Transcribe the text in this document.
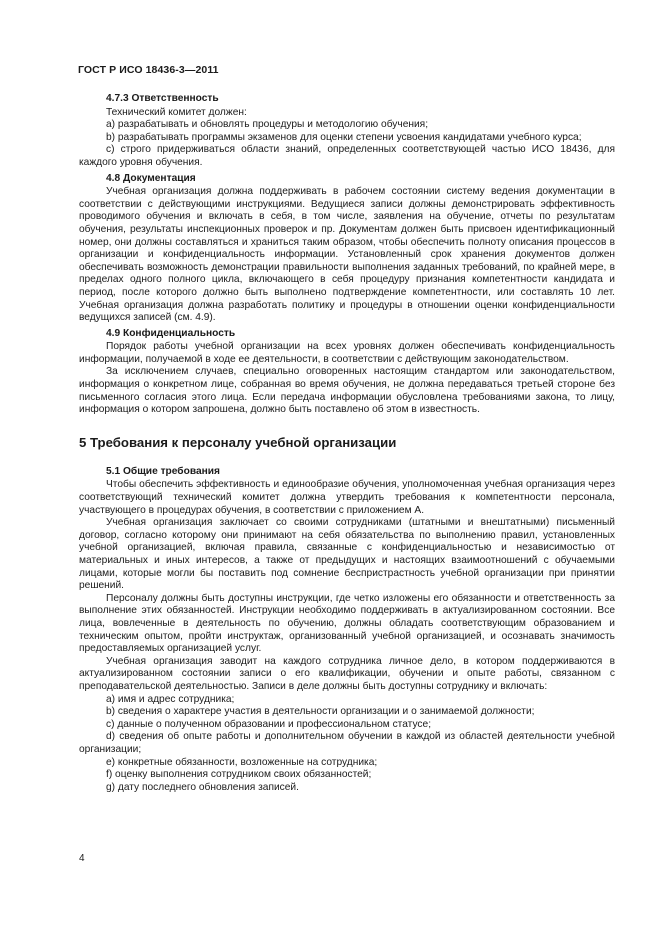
ГОСТ Р ИСО 18436-3—2011

4.7.3 Ответственность

Технический комитет должен:

a) разрабатывать и обновлять процедуры и методологию обучения;

b) разрабатывать программы экзаменов для оценки степени усвоения кандидатами учебного курса;

c) строго придерживаться области знаний, определенных соответствующей частью ИСО 18436, для каждого уровня обучения.

4.8 Документация

Учебная организация должна поддерживать в рабочем состоянии систему ведения документации в соответствии с действующими инструкциями. Ведущиеся записи должны демонстрировать эффективность проводимого обучения и включать в себя, в том числе, заявления на обучение, отчеты по результатам обучения, результаты инспекционных проверок и пр. Документам должен быть присвоен идентификационный номер, они должны составляться и храниться таким образом, чтобы обеспечить полноту описания процессов в организации и конфиденциальность информации. Установленный срок хранения документов должен обеспечивать возможность демонстрации правильности выполнения заданных требований, по крайней мере, в пределах одного полного цикла, включающего в себя процедуру признания компетентности кандидата и период, после которого должно быть выполнено подтверждение компетентности, или составлять 10 лет. Учебная организация должна разработать политику и процедуры в отношении оценки конфиденциальности ведущихся записей (см. 4.9).

4.9 Конфиденциальность

Порядок работы учебной организации на всех уровнях должен обеспечивать конфиденциальность информации, получаемой в ходе ее деятельности, в соответствии с действующим законодательством.

За исключением случаев, специально оговоренных настоящим стандартом или законодательством, информация о конкретном лице, собранная во время обучения, не должна передаваться третьей стороне без письменного согласия этого лица. Если передача информации обусловлена требованиями закона, то лицу, информация о котором запрошена, должно быть поставлено об этом в известность.

5 Требования к персоналу учебной организации

5.1 Общие требования

Чтобы обеспечить эффективность и единообразие обучения, уполномоченная учебная организация через соответствующий технический комитет должна утвердить требования к компетентности персонала, участвующего в процедурах обучения, в соответствии с приложением А.

Учебная организация заключает со своими сотрудниками (штатными и внештатными) письменный договор, согласно которому они принимают на себя обязательства по выполнению правил, установленных учебной организацией, включая правила, связанные с конфиденциальностью и независимостью от материальных и иных интересов, а также от предыдущих и настоящих взаимоотношений с обучаемыми лицами, которые могли бы поставить под сомнение беспристрастность учебной организации при принятии решений.

Персоналу должны быть доступны инструкции, где четко изложены его обязанности и ответственность за выполнение этих обязанностей. Инструкции необходимо поддерживать в актуализированном состоянии. Все лица, вовлеченные в деятельность по обучению, должны обладать соответствующим образованием и техническим опытом, пройти инструктаж, организованный учебной организацией, и осознавать значимость предоставляемых организацией услуг.

Учебная организация заводит на каждого сотрудника личное дело, в котором поддерживаются в актуализированном состоянии записи о его квалификации, обучении и опыте работы, связанном с преподавательской деятельностью. Записи в деле должны быть доступны сотруднику и включать:

a) имя и адрес сотрудника;

b) сведения о характере участия в деятельности организации и о занимаемой должности;

c) данные о полученном образовании и профессиональном статусе;

d) сведения об опыте работы и дополнительном обучении в каждой из областей деятельности учебной организации;

e) конкретные обязанности, возложенные на сотрудника;

f) оценку выполнения сотрудником своих обязанностей;

g) дату последнего обновления записей.

4
